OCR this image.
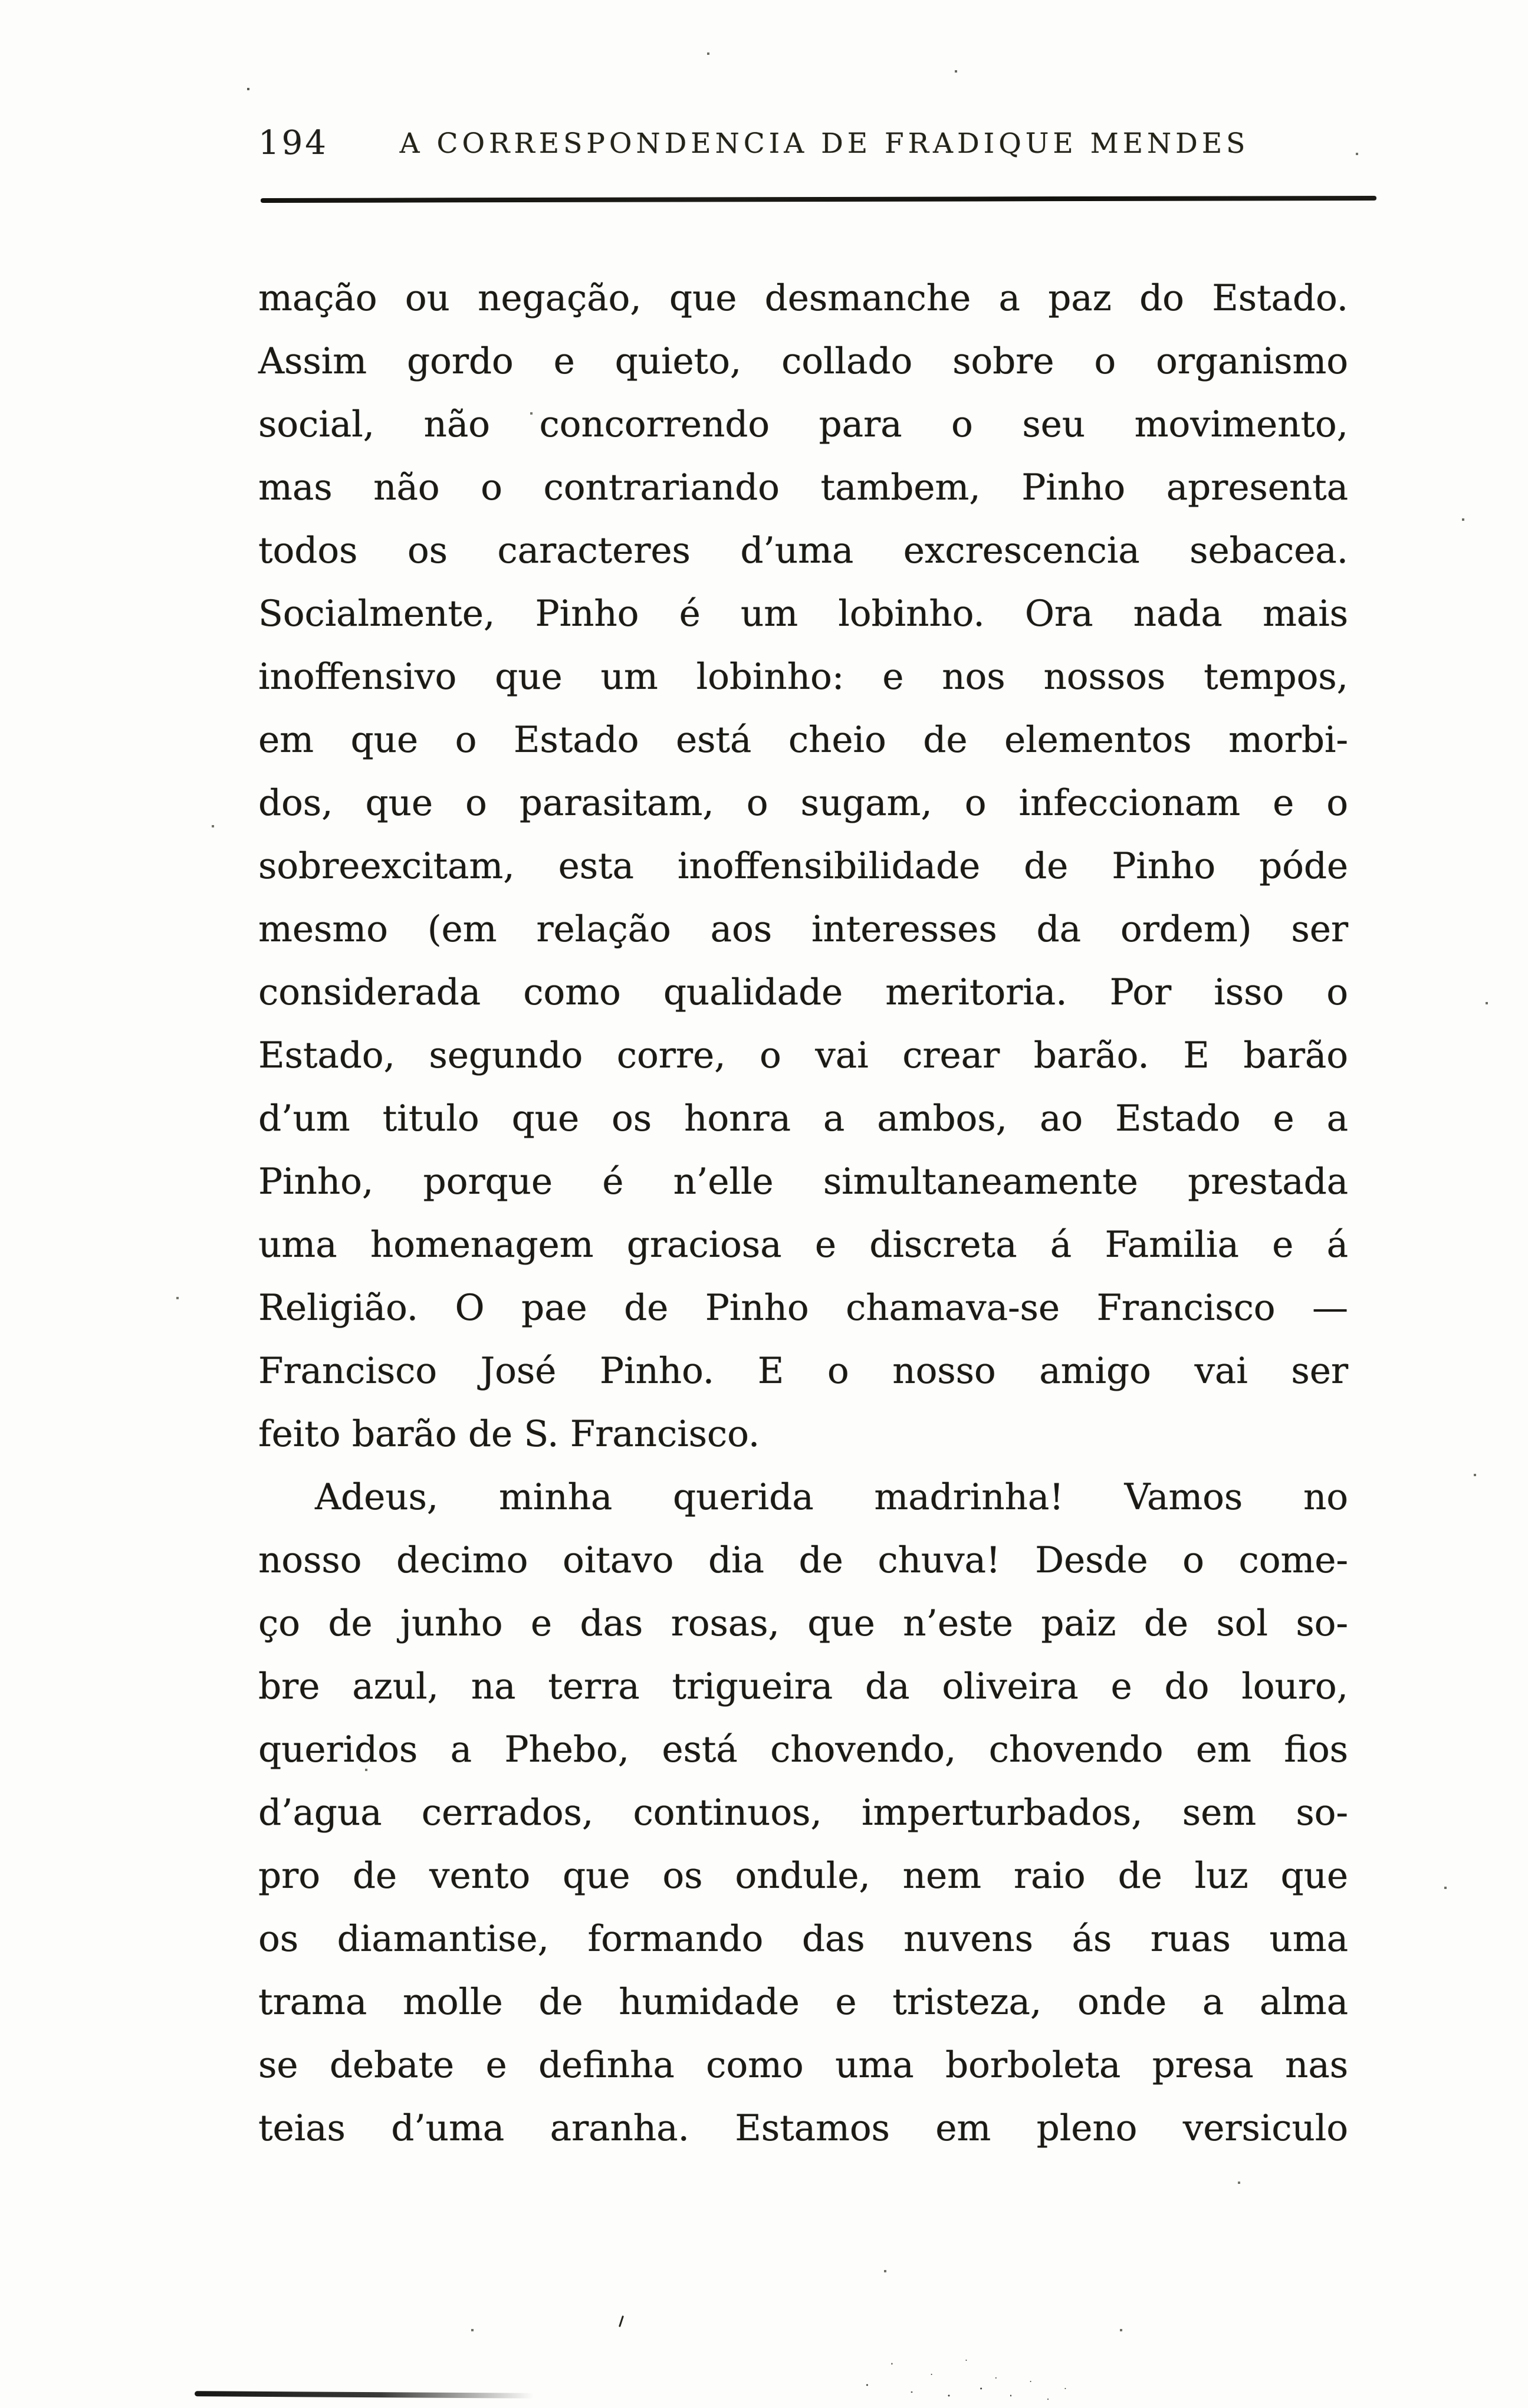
194	A CORRESPONDENCIA DE FRADIQUE MENDES
mação ou negação, que desmanche a paz do Estado.
Assim gordo e quieto, collado sobre o organismo
social, não concorrendo para o seu movimento,
mas não o contrariando tambem, Pinho apresenta
todos os caracteres d’uma excrescencia sebacea.
Socialmente, Pinho é um lobinho. Ora nada mais
inoffensivo que um lobinho: e nos nossos tempos,
em que o Estado está cheio de elementos morbi-
dos, que o parasitam, o sugam, o infeccionam e o
sobreexcitam, esta inoffensibilidade de Pinho póde
mesmo (em relação aos interesses da ordem) ser
considerada como qualidade meritoria. Por isso o
Estado, segundo corre, o vai crear barão. E barão
d’um titulo que os honra a ambos, ao Estado e a
Pinho, porque é n’elle simultaneamente prestada
uma homenagem graciosa e discreta á Familia e á
Religião. O pae de Pinho chamava-se Francisco —
Francisco José Pinho. E o nosso amigo vai ser
feito barão de S. Francisco.
Adeus, minha querida madrinha! Vamos no
nosso decimo oitavo dia de chuva! Desde o come-
ço de junho e das rosas, que n’este paiz de sol so-
bre azul, na terra trigueira da oliveira e do louro,
queridos a Phebo, está chovendo, chovendo em fios
d’agua cerrados, continuos, imperturbados, sem so-
pro de vento que os ondule, nem raio de luz que
os diamantise, formando das nuvens ás ruas uma
trama molle de humidade e tristeza, onde a alma
se debate e definha como uma borboleta presa nas
teias d’uma aranha. Estamos em pleno versiculo
